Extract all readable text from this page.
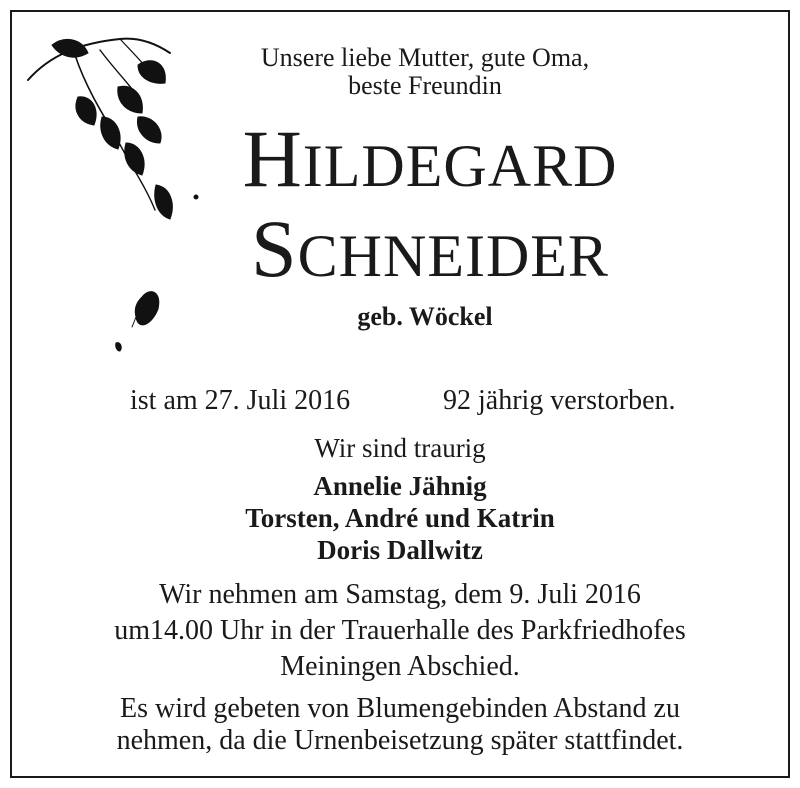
Unsere liebe Mutter, gute Oma,
beste Freundin
HILDEGARD
SCHNEIDER
geb. Wöckel
ist am 27. Juli 2016	92 jährig verstorben.
Wir sind traurig
Annelie Jähnig
Torsten, André und Katrin
Doris Dallwitz
Wir nehmen am Samstag, dem 9. Juli 2016
um14.00 Uhr in der Trauerhalle des Parkfriedhofes
Meiningen Abschied.
Es wird gebeten von Blumengebinden Abstand zu
nehmen, da die Urnenbeisetzung später stattfindet.
